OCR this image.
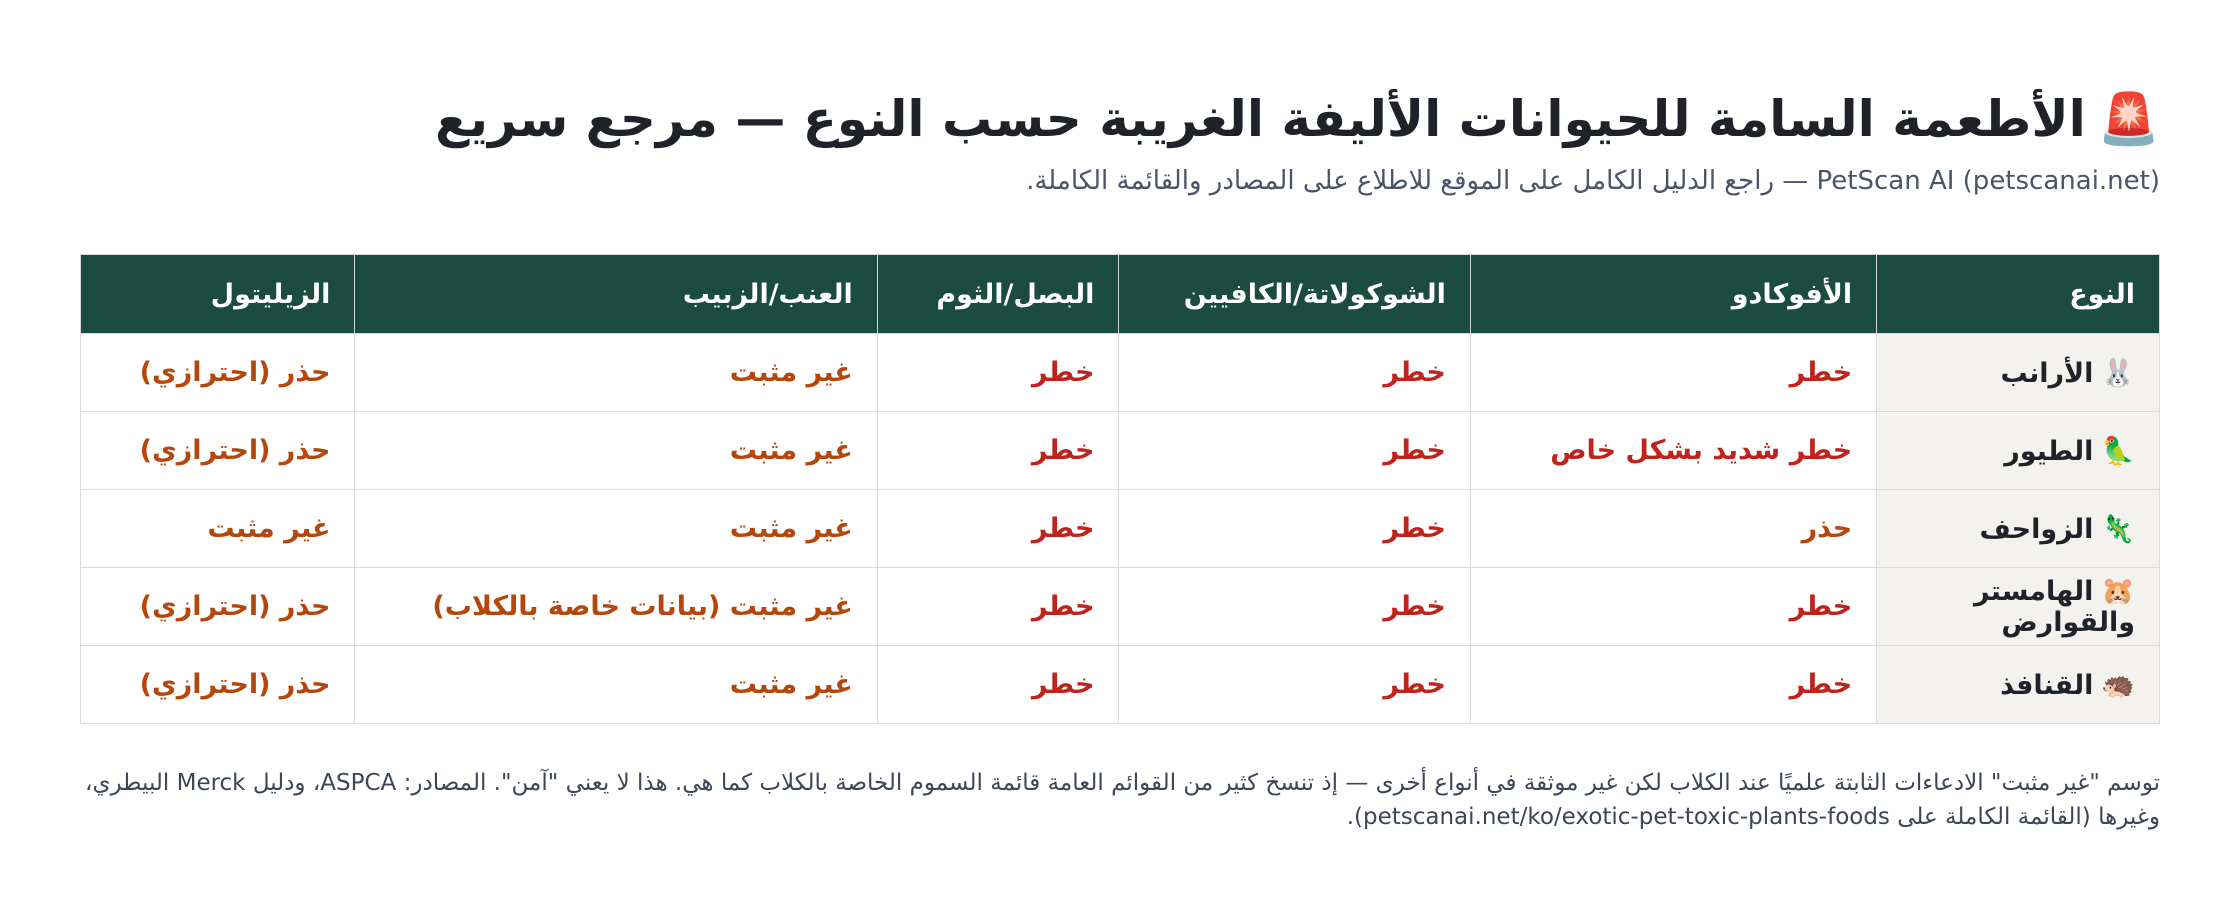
🚨الأطعمة السامة للحيوانات الأليفة الغريبة حسب النوع — مرجع سريع

PetScan AI (petscanai.net) — راجع الدليل الكامل على الموقع للاطلاع على المصادر والقائمة الكاملة.

النوع	الأفوكادو	الشوكولاتة/الكافيين	البصل/الثوم	العنب/الزبيب	الزيليتول
🐰الأرانب	خطر	خطر	خطر	غير مثبت	حذر (احترازي)
🦜الطيور	خطر شديد بشكل خاص	خطر	خطر	غير مثبت	حذر (احترازي)
🦎الزواحف	حذر	خطر	خطر	غير مثبت	غير مثبت
🐹الهامستر والقوارض	خطر	خطر	خطر	غير مثبت (بيانات خاصة بالكلاب)	حذر (احترازي)
🦔القنافذ	خطر	خطر	خطر	غير مثبت	حذر (احترازي)

توسم "غير مثبت" الادعاءات الثابتة علميًا عند الكلاب لكن غير موثقة في أنواع أخرى — إذ تنسخ كثير من القوائم العامة قائمة السموم الخاصة بالكلاب كما هي. هذا لا يعني "آمن". المصادر: ASPCA، ودليل Merck البيطري، وغيرها (القائمة الكاملة على petscanai.net/ko/exotic-pet-toxic-plants-foods).
